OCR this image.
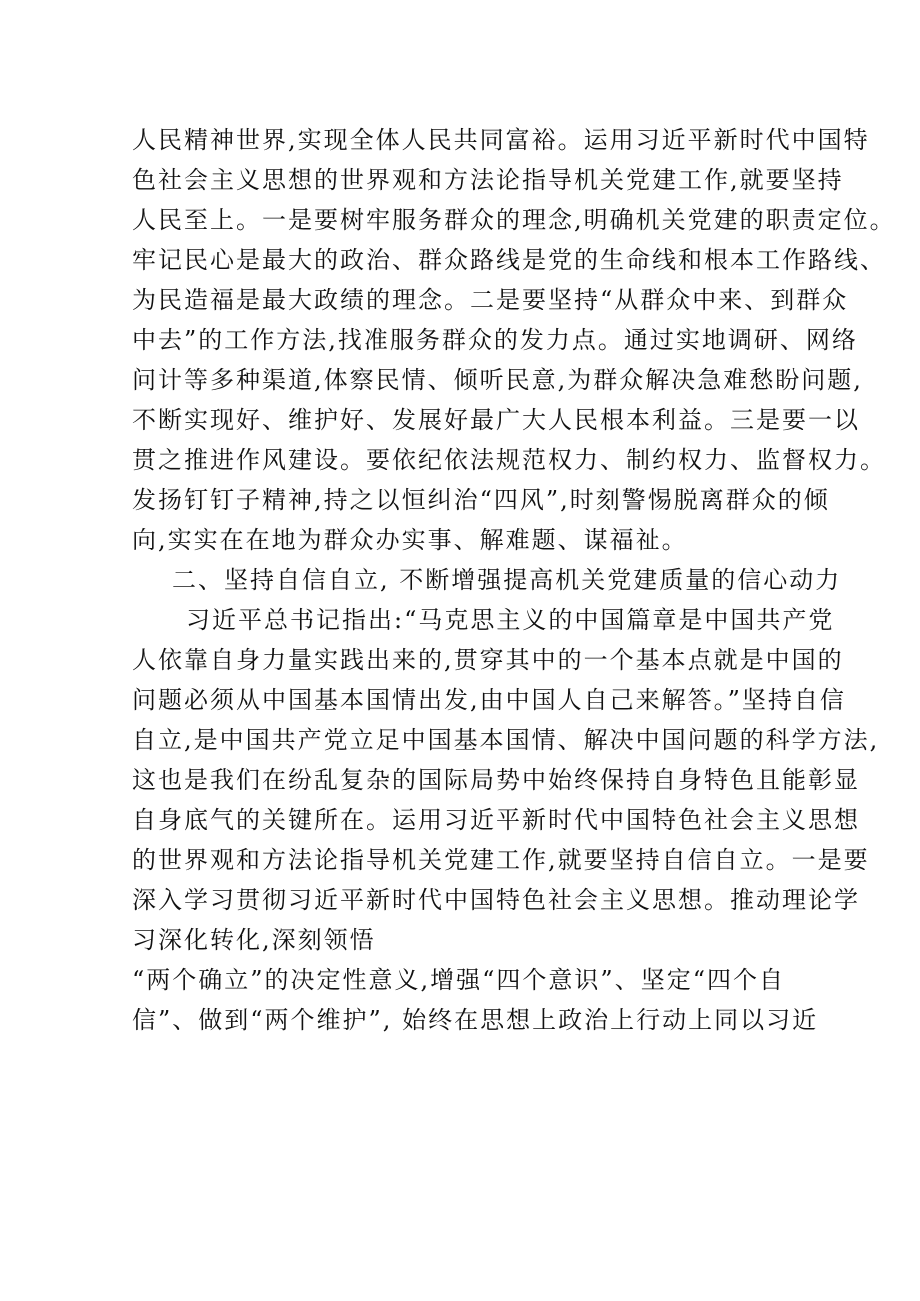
人民精神世界,实现全体人民共同富裕。运用习近平新时代中国特
色社会主义思想的世界观和方法论指导机关党建工作,就要坚持
人民至上。一是要树牢服务群众的理念,明确机关党建的职责定位。
牢记民心是最大的政治、群众路线是党的生命线和根本工作路线、
为民造福是最大政绩的理念。二是要坚持“从群众中来、到群众
中去”的工作方法,找准服务群众的发力点。通过实地调研、网络
问计等多种渠道,体察民情、倾听民意,为群众解决急难愁盼问题,
不断实现好、维护好、发展好最广大人民根本利益。三是要一以
贯之推进作风建设。要依纪依法规范权力、制约权力、监督权力。
发扬钉钉子精神,持之以恒纠治“四风”,时刻警惕脱离群众的倾
向,实实在在地为群众办实事、解难题、谋福祉。
二、坚持自信自立, 不断增强提高机关党建质量的信心动力
习近平总书记指出:“马克思主义的中国篇章是中国共产党
人依靠自身力量实践出来的,贯穿其中的一个基本点就是中国的
问题必须从中国基本国情出发,由中国人自己来解答。”坚持自信
自立,是中国共产党立足中国基本国情、解决中国问题的科学方法,
这也是我们在纷乱复杂的国际局势中始终保持自身特色且能彰显
自身底气的关键所在。运用习近平新时代中国特色社会主义思想
的世界观和方法论指导机关党建工作,就要坚持自信自立。一是要
深入学习贯彻习近平新时代中国特色社会主义思想。推动理论学
习深化转化,深刻领悟
“两个确立”的决定性意义,增强“四个意识”、坚定“四个自
信”、做到“两个维护”, 始终在思想上政治上行动上同以习近
